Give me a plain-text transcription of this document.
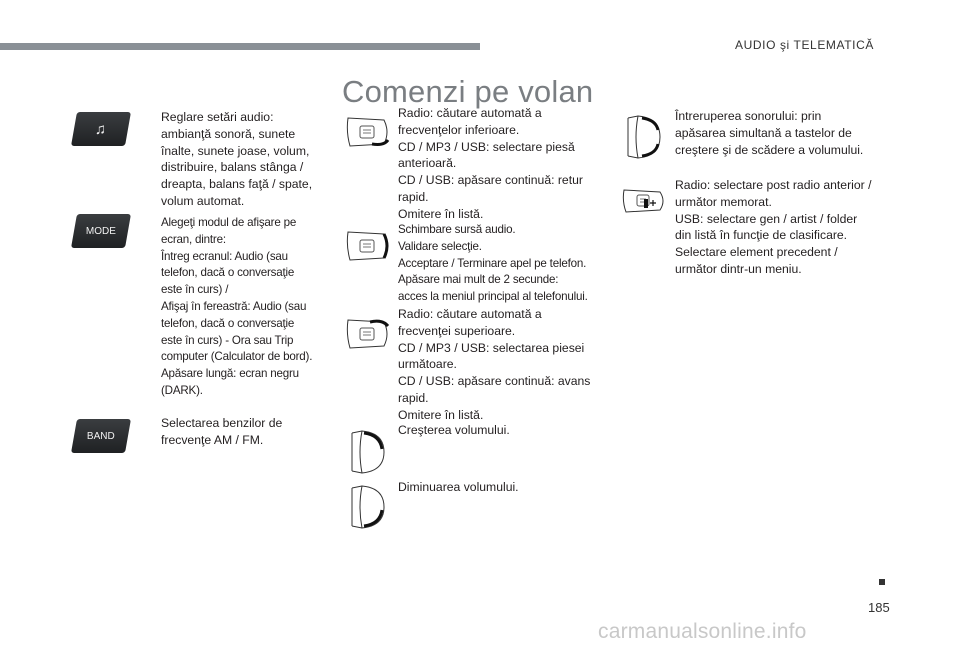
AUDIO şi TELEMATICĂ
Comenzi pe volan
♫
MODE
BAND

Reglare setări audio:

ambianţă sonoră, sunete

înalte, sunete joase, volum,

distribuire, balans stânga /

dreapta, balans faţă / spate,

volum automat.

Alegeţi modul de afişare pe

ecran, dintre:

Întreg ecranul: Audio (sau

telefon, dacă o conversaţie

este în curs) /

Afişaj în fereastră: Audio (sau

telefon, dacă o conversaţie

este în curs) - Ora sau Trip

computer (Calculator de bord).

Apăsare lungă: ecran negru

(DARK).

Selectarea benzilor de

frecvenţe AM / FM.

Radio: căutare automată a

frecvenţelor inferioare.

CD / MP3 / USB: selectare piesă

anterioară.

CD / USB: apăsare continuă: retur

rapid.

Omitere în listă.

Schimbare sursă audio.

Validare selecţie.

Acceptare / Terminare apel pe telefon.

Apăsare mai mult de 2 secunde:

acces la meniul principal al telefonului.

Radio: căutare automată a

frecvenţei superioare.

CD / MP3 / USB: selectarea piesei

următoare.

CD / USB: apăsare continuă: avans

rapid.

Omitere în listă.

Creşterea volumului.

Diminuarea volumului.

Întreruperea sonorului: prin

apăsarea simultană a tastelor de

creştere şi de scădere a volumului.

Radio: selectare post radio anterior /

următor memorat.

USB: selectare gen / artist / folder

din listă în funcţie de clasificare.

Selectare element precedent /

următor dintr-un meniu.

185
carmanualsonline.info
